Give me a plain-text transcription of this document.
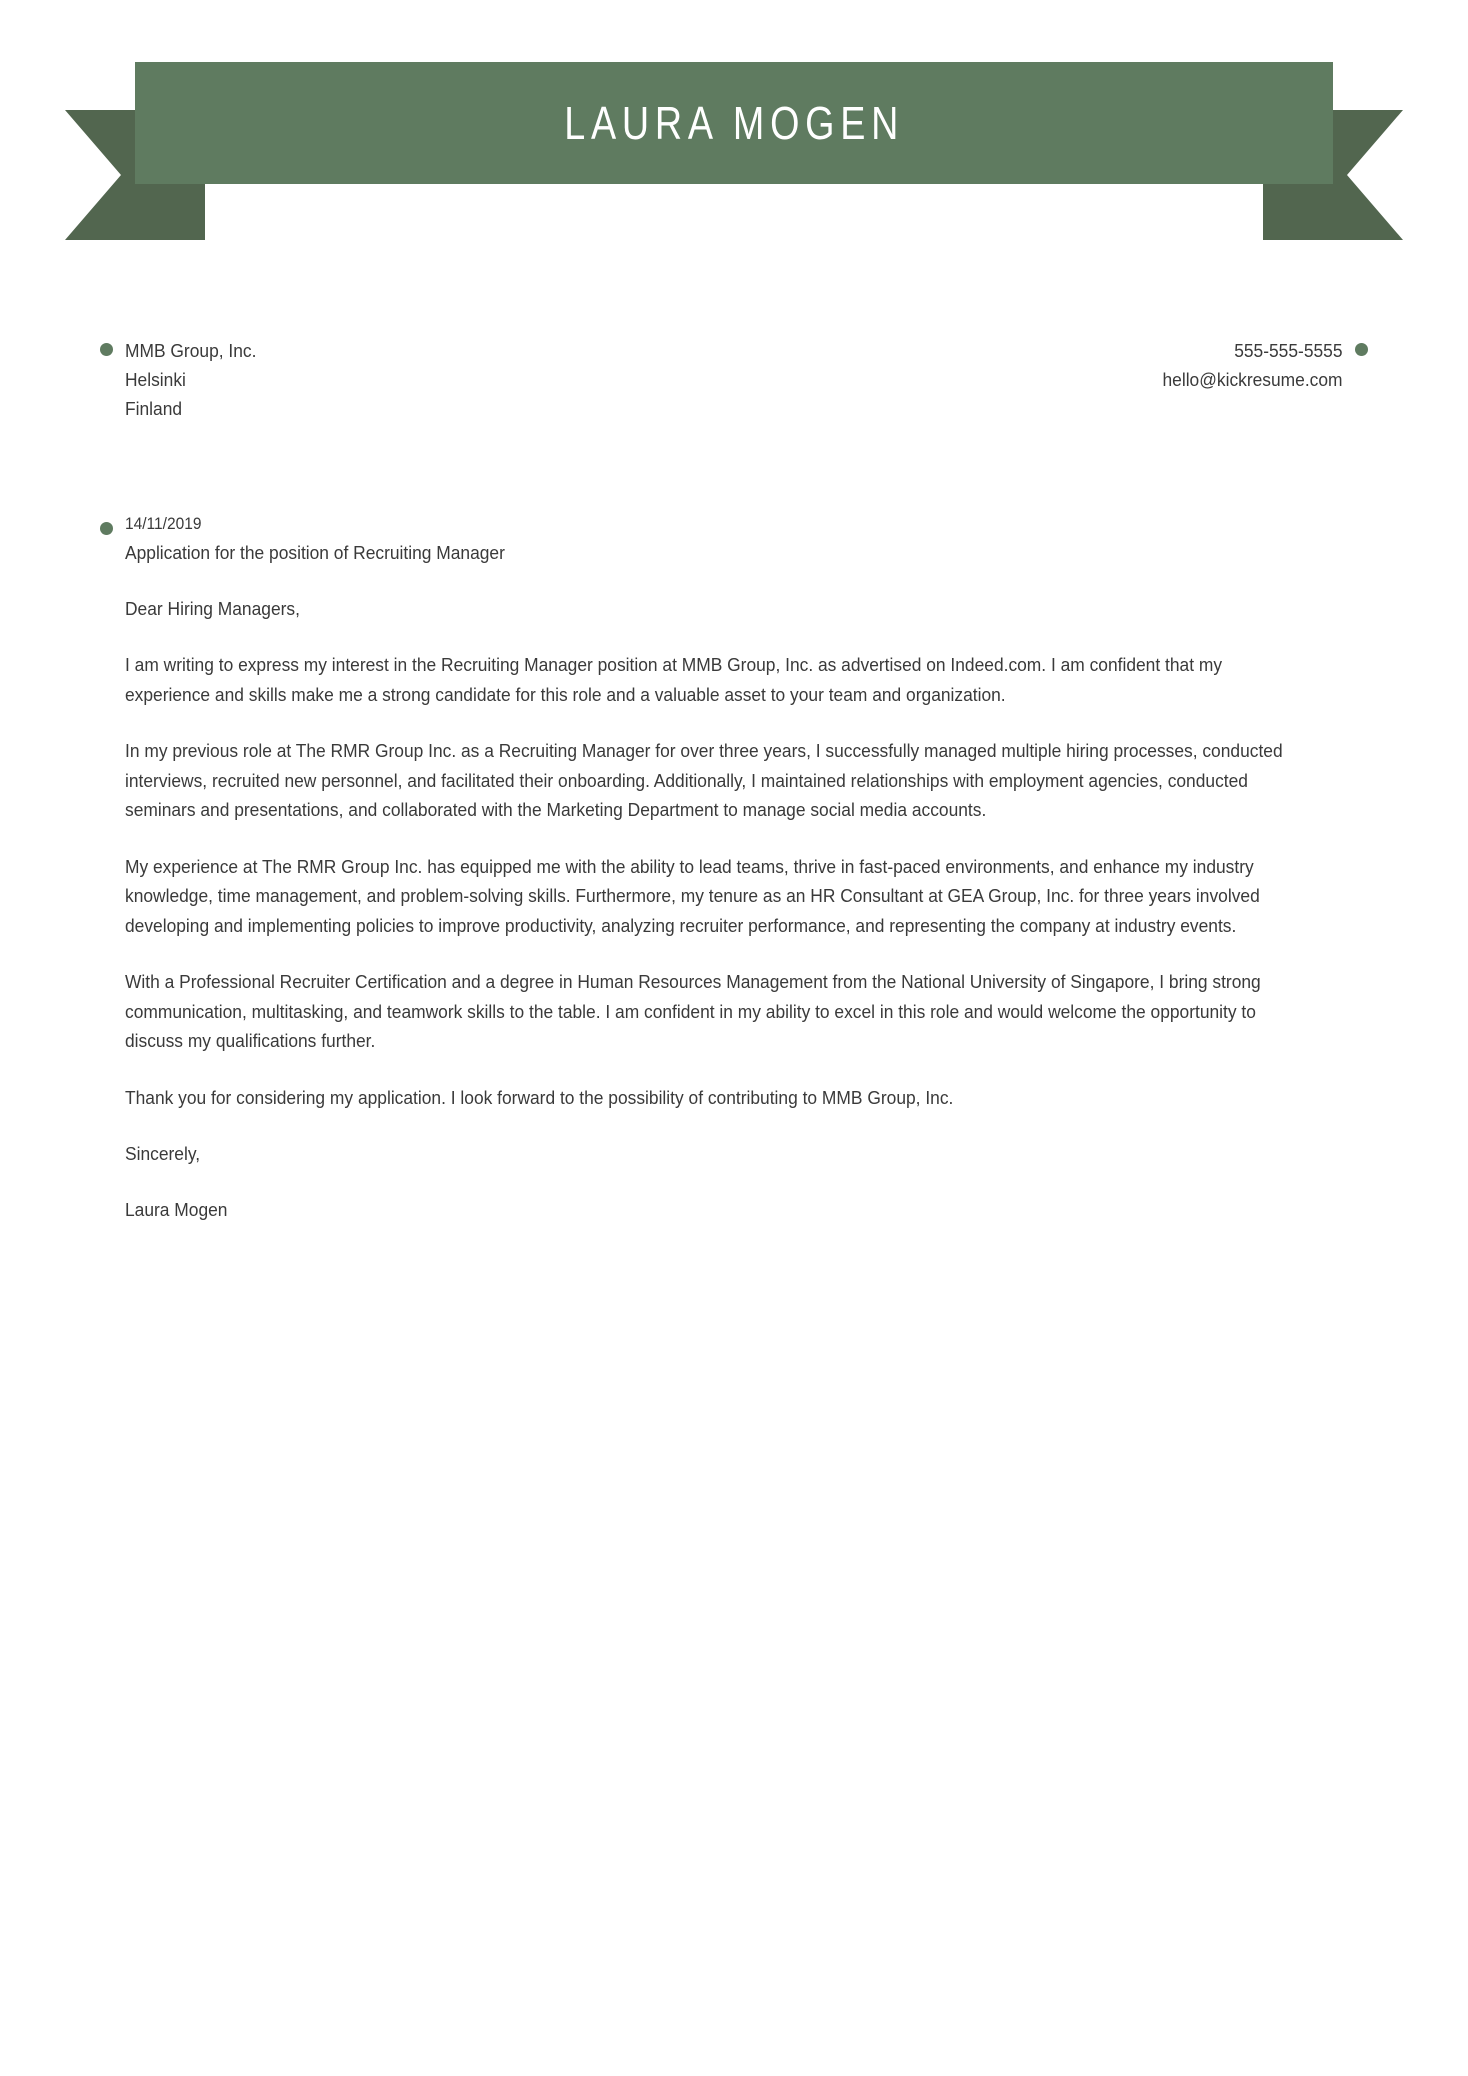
LAURA MOGEN
MMB Group, Inc.
Helsinki
Finland
555-555-5555
hello@kickresume.com
14/11/2019
Application for the position of Recruiting Manager
Dear Hiring Managers,
I am writing to express my interest in the Recruiting Manager position at MMB Group, Inc. as advertised on Indeed.com. I am confident that my experience and skills make me a strong candidate for this role and a valuable asset to your team and organization.
In my previous role at The RMR Group Inc. as a Recruiting Manager for over three years, I successfully managed multiple hiring processes, conducted interviews, recruited new personnel, and facilitated their onboarding. Additionally, I maintained relationships with employment agencies, conducted seminars and presentations, and collaborated with the Marketing Department to manage social media accounts.
My experience at The RMR Group Inc. has equipped me with the ability to lead teams, thrive in fast-paced environments, and enhance my industry knowledge, time management, and problem-solving skills. Furthermore, my tenure as an HR Consultant at GEA Group, Inc. for three years involved developing and implementing policies to improve productivity, analyzing recruiter performance, and representing the company at industry events.
With a Professional Recruiter Certification and a degree in Human Resources Management from the National University of Singapore, I bring strong communication, multitasking, and teamwork skills to the table. I am confident in my ability to excel in this role and would welcome the opportunity to discuss my qualifications further.
Thank you for considering my application. I look forward to the possibility of contributing to MMB Group, Inc.
Sincerely,
Laura Mogen
